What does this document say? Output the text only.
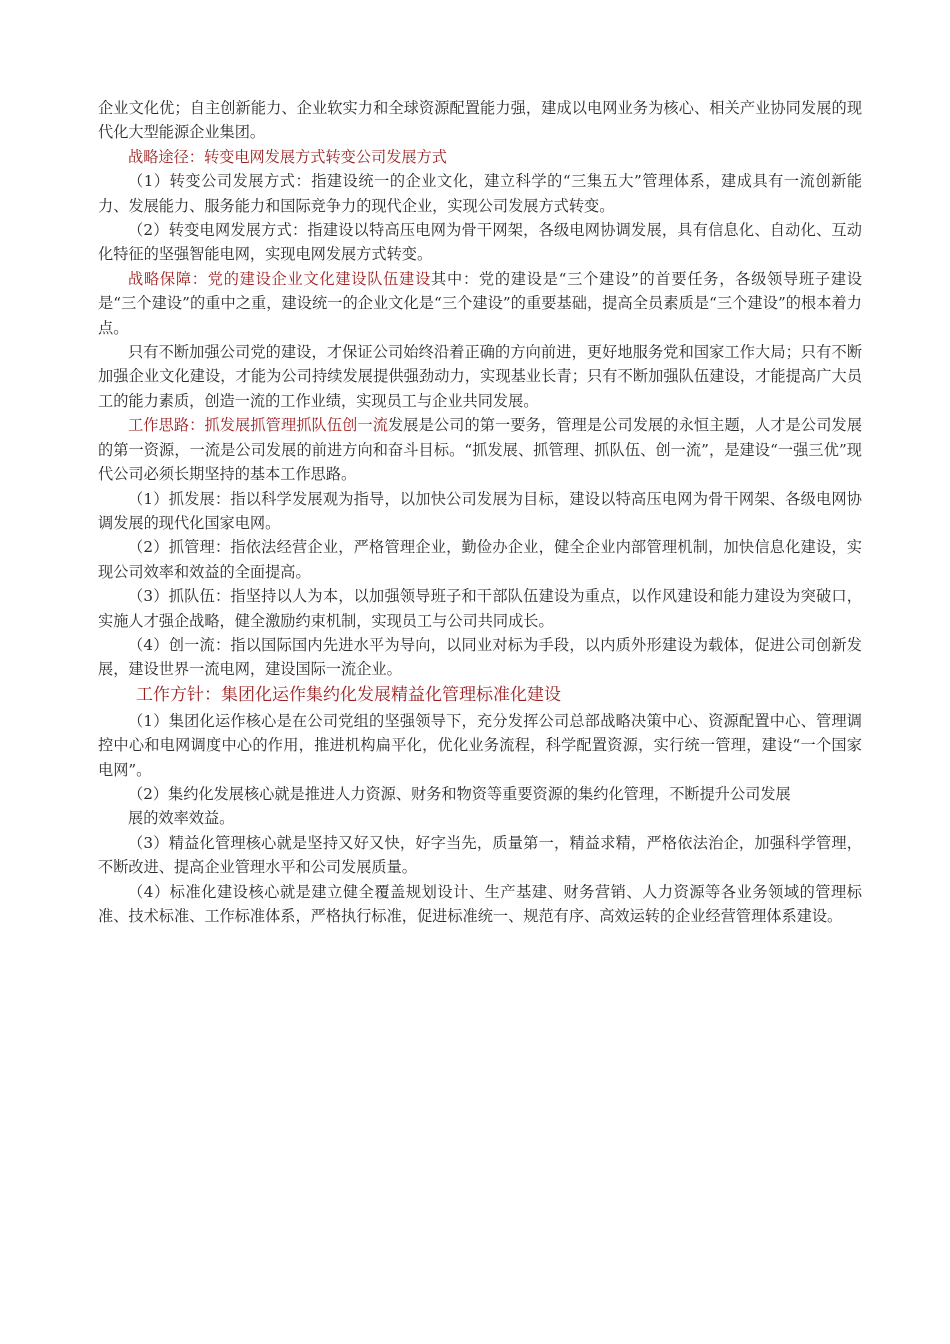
企业文化优；自主创新能力、企业软实力和全球资源配置能力强，建成以电网业务为核心、相关产业协同发展的现代化大型能源企业集团。

战略途径：转变电网发展方式转变公司发展方式

（1）转变公司发展方式：指建设统一的企业文化，建立科学的“三集五大”管理体系，建成具有一流创新能力、发展能力、服务能力和国际竞争力的现代企业，实现公司发展方式转变。

（2）转变电网发展方式：指建设以特高压电网为骨干网架，各级电网协调发展，具有信息化、自动化、互动化特征的坚强智能电网，实现电网发展方式转变。

战略保障：党的建设企业文化建设队伍建设其中：党的建设是“三个建设”的首要任务，各级领导班子建设是“三个建设”的重中之重，建设统一的企业文化是“三个建设”的重要基础，提高全员素质是“三个建设”的根本着力点。

只有不断加强公司党的建设，才保证公司始终沿着正确的方向前进，更好地服务党和国家工作大局；只有不断加强企业文化建设，才能为公司持续发展提供强劲动力，实现基业长青；只有不断加强队伍建设，才能提高广大员工的能力素质，创造一流的工作业绩，实现员工与企业共同发展。

工作思路：抓发展抓管理抓队伍创一流发展是公司的第一要务，管理是公司发展的永恒主题，人才是公司发展的第一资源，一流是公司发展的前进方向和奋斗目标。“抓发展、抓管理、抓队伍、创一流”，是建设“一强三优”现代公司必须长期坚持的基本工作思路。

（1）抓发展：指以科学发展观为指导，以加快公司发展为目标，建设以特高压电网为骨干网架、各级电网协调发展的现代化国家电网。

（2）抓管理：指依法经营企业，严格管理企业，勤俭办企业，健全企业内部管理机制，加快信息化建设，实现公司效率和效益的全面提高。

（3）抓队伍：指坚持以人为本，以加强领导班子和干部队伍建设为重点，以作风建设和能力建设为突破口，实施人才强企战略，健全激励约束机制，实现员工与公司共同成长。

（4）创一流：指以国际国内先进水平为导向，以同业对标为手段，以内质外形建设为载体，促进公司创新发展，建设世界一流电网，建设国际一流企业。

工作方针：集团化运作集约化发展精益化管理标准化建设

（1）集团化运作核心是在公司党组的坚强领导下，充分发挥公司总部战略决策中心、资源配置中心、管理调控中心和电网调度中心的作用，推进机构扁平化，优化业务流程，科学配置资源，实行统一管理，建设“一个国家电网”。

（2）集约化发展核心就是推进人力资源、财务和物资等重要资源的集约化管理，不断提升公司发展

展的效率效益。

（3）精益化管理核心就是坚持又好又快，好字当先，质量第一，精益求精，严格依法治企，加强科学管理，不断改进、提高企业管理水平和公司发展质量。

（4）标准化建设核心就是建立健全覆盖规划设计、生产基建、财务营销、人力资源等各业务领域的管理标准、技术标准、工作标准体系，严格执行标准，促进标准统一、规范有序、高效运转的企业经营管理体系建设。
